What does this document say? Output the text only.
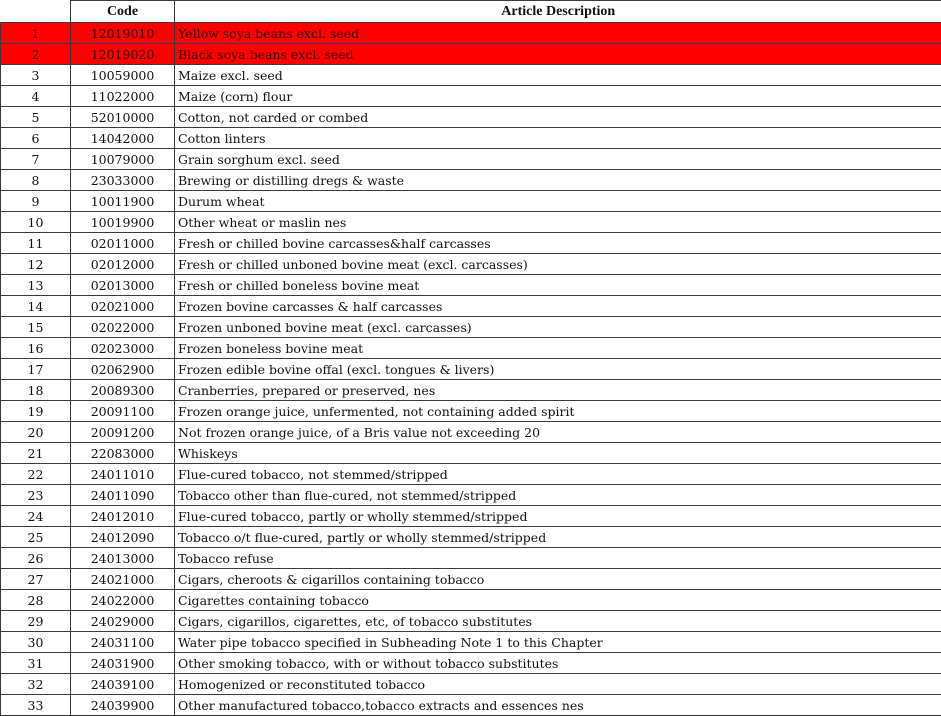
	Code	Article Description
1	12019010	Yellow soya beans excl. seed
2	12019020	Black soya beans excl. seed
3	10059000	Maize excl. seed
4	11022000	Maize (corn) flour
5	52010000	Cotton, not carded or combed
6	14042000	Cotton linters
7	10079000	Grain sorghum excl. seed
8	23033000	Brewing or distilling dregs & waste
9	10011900	Durum wheat
10	10019900	Other wheat or maslin nes
11	02011000	Fresh or chilled bovine carcasses&half carcasses
12	02012000	Fresh or chilled unboned bovine meat (excl. carcasses)
13	02013000	Fresh or chilled boneless bovine meat
14	02021000	Frozen bovine carcasses & half carcasses
15	02022000	Frozen unboned bovine meat (excl. carcasses)
16	02023000	Frozen boneless bovine meat
17	02062900	Frozen edible bovine offal (excl. tongues & livers)
18	20089300	Cranberries, prepared or preserved, nes
19	20091100	Frozen orange juice, unfermented, not containing added spirit
20	20091200	Not frozen orange juice, of a Bris value not exceeding 20
21	22083000	Whiskeys
22	24011010	Flue-cured tobacco, not stemmed/stripped
23	24011090	Tobacco other than flue-cured, not stemmed/stripped
24	24012010	Flue-cured tobacco, partly or wholly stemmed/stripped
25	24012090	Tobacco o/t flue-cured, partly or wholly stemmed/stripped
26	24013000	Tobacco refuse
27	24021000	Cigars, cheroots & cigarillos containing tobacco
28	24022000	Cigarettes containing tobacco
29	24029000	Cigars, cigarillos, cigarettes, etc, of tobacco substitutes
30	24031100	Water pipe tobacco specified in Subheading Note 1 to this Chapter
31	24031900	Other smoking tobacco, with or without tobacco substitutes
32	24039100	Homogenized or reconstituted tobacco
33	24039900	Other manufactured tobacco,tobacco extracts and essences nes
